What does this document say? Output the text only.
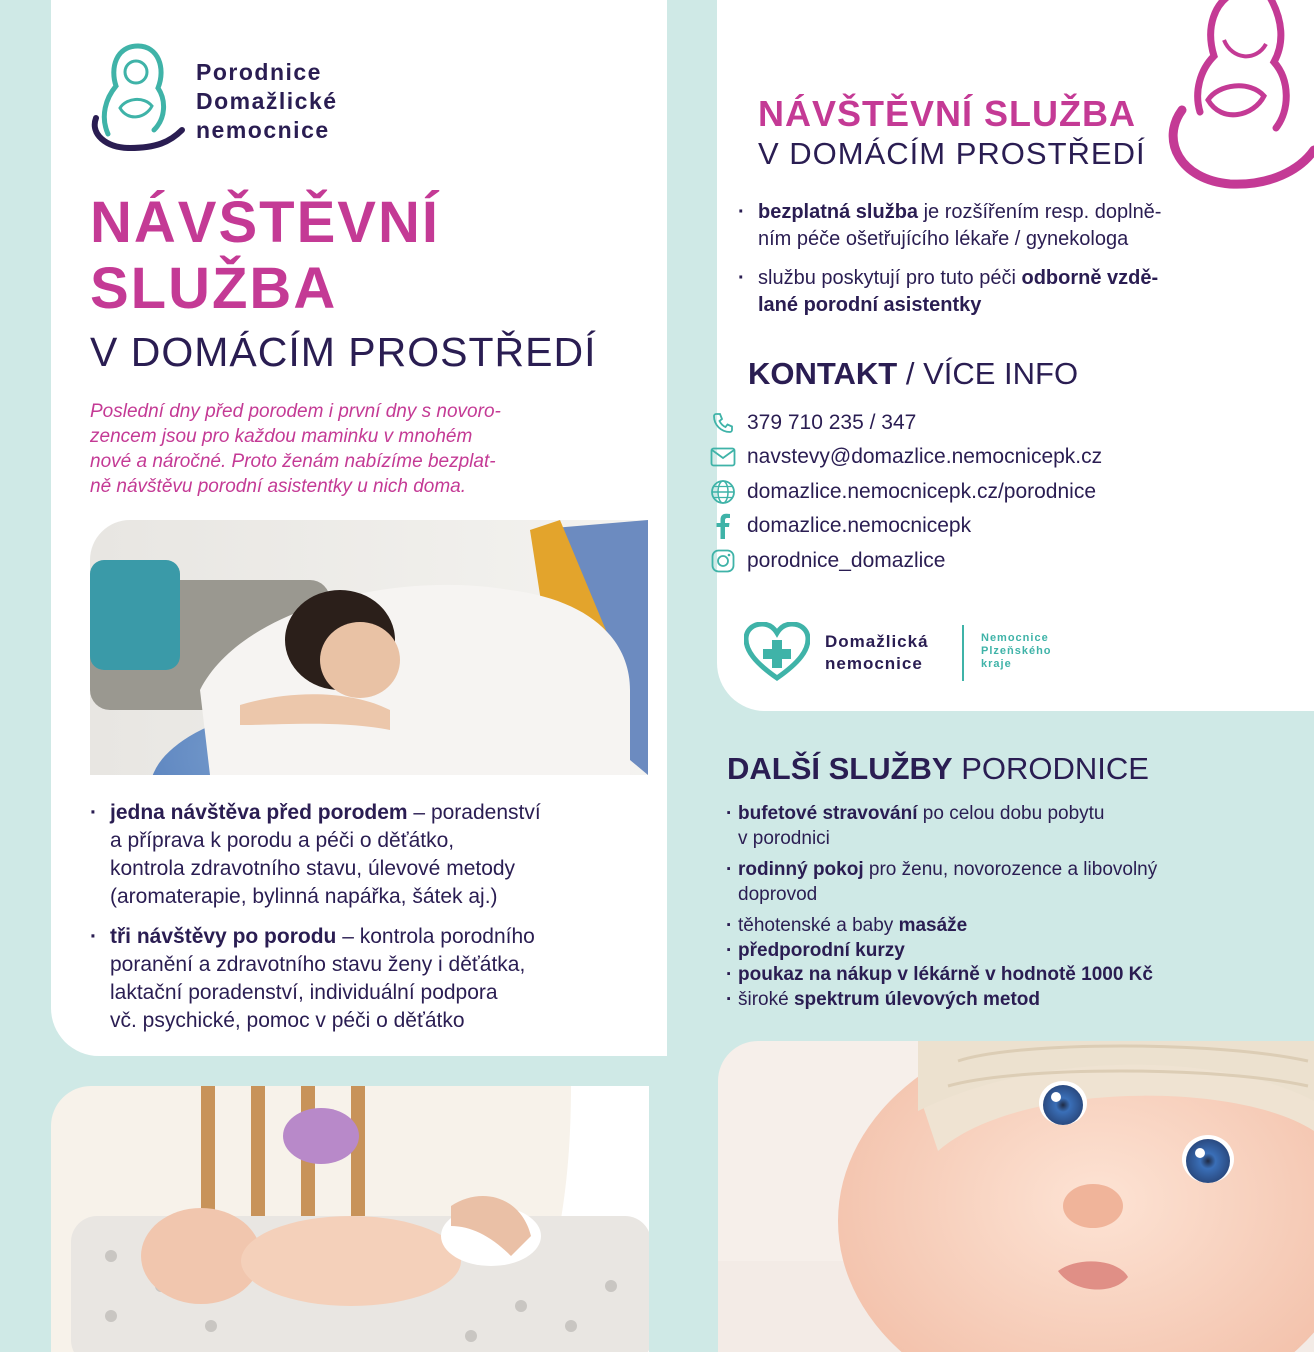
Porodnice
Domažlické
nemocnice
NÁVŠTĚVNÍ
SLUŽBA
V DOMÁCÍM PROSTŘEDÍ
Poslední dny před porodem i první dny s novoro-
zencem jsou pro každou maminku v mnohém
nové a náročné. Proto ženám nabízíme bezplat-
ně návštěvu porodní asistentky u nich doma.
· jedna návštěva před porodem – poradenství
a příprava k porodu a péči o děťátko,
kontrola zdravotního stavu, úlevové metody
(aromaterapie, bylinná napářka, šátek aj.)
· tři návštěvy po porodu – kontrola porodního
poranění a zdravotního stavu ženy i děťátka,
laktační poradenství, individuální podpora
vč. psychické, pomoc v péči o děťátko
NÁVŠTĚVNÍ SLUŽBA
V DOMÁCÍM PROSTŘEDÍ
· bezplatná služba je rozšířením resp. doplně-
ním péče ošetřujícího lékaře / gynekologa
· službu poskytují pro tuto péči odborně vzdě-
lané porodní asistentky
KONTAKT / VÍCE INFO
379 710 235 / 347
navstevy@domazlice.nemocnicepk.cz
domazlice.nemocnicepk.cz/porodnice
domazlice.nemocnicepk
porodnice_domazlice
Domažlická
nemocnice
Nemocnice
Plzeňského
kraje
DALŠÍ SLUŽBY PORODNICE
· bufetové stravování po celou dobu pobytu
v porodnici
· rodinný pokoj pro ženu, novorozence a libovolný
doprovod
· těhotenské a baby masáže
· předporodní kurzy
· poukaz na nákup v lékárně v hodnotě 1000 Kč
· široké spektrum úlevových metod
